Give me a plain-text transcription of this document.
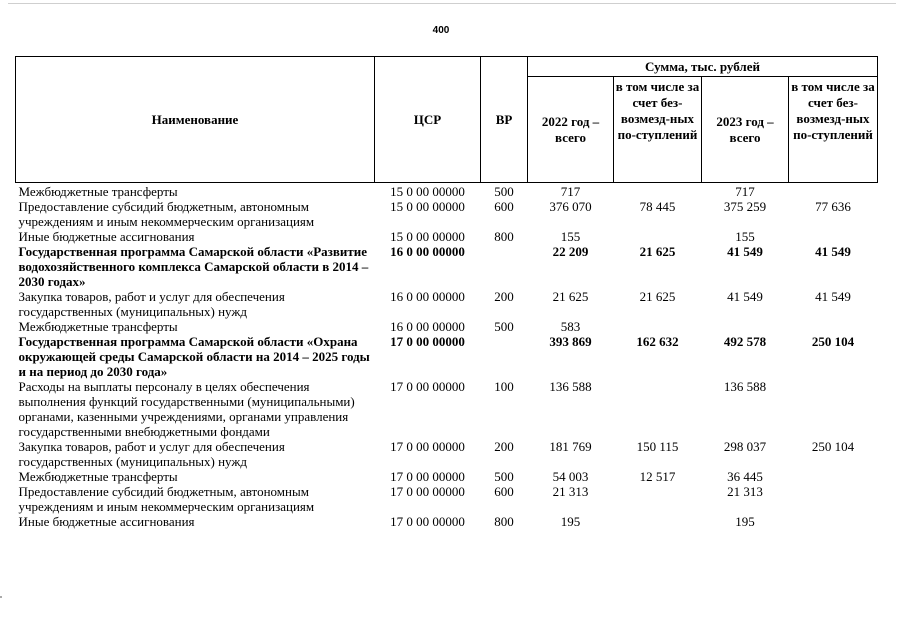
400
Наименование	ЦСР	ВР	Сумма, тыс. рублей			
			2022 год – всего	в том числе за счет без-возмезд-ных по-ступлений	2023 год – всего	в том числе за счет без-возмезд-ных по-ступлений
Межбюджетные трансферты	15 0 00 00000	500	717		717	
Предоставление субсидий бюджетным, автономным учреждениям и иным некоммерческим организациям	15 0 00 00000	600	376 070	78 445	375 259	77 636
Иные бюджетные ассигнования	15 0 00 00000	800	155		155	
Государственная программа Самарской области «Развитие водохозяйственного комплекса Самарской области в 2014 – 2030 годах»	16 0 00 00000		22 209	21 625	41 549	41 549
Закупка товаров, работ и услуг для обеспечения государственных (муниципальных) нужд	16 0 00 00000	200	21 625	21 625	41 549	41 549
Межбюджетные трансферты	16 0 00 00000	500	583			
Государственная программа Самарской области «Охрана окружающей среды Самарской области на 2014 – 2025 годы и на период до 2030 года»	17 0 00 00000		393 869	162 632	492 578	250 104
Расходы на выплаты персоналу в целях обеспечения выполнения функций государственными (муниципальными) органами, казенными учреждениями, органами управления государственными внебюджетными фондами	17 0 00 00000	100	136 588		136 588	
Закупка товаров, работ и услуг для обеспечения государственных (муниципальных) нужд	17 0 00 00000	200	181 769	150 115	298 037	250 104
Межбюджетные трансферты	17 0 00 00000	500	54 003	12 517	36 445	
Предоставление субсидий бюджетным, автономным учреждениям и иным некоммерческим организациям	17 0 00 00000	600	21 313		21 313	
Иные бюджетные ассигнования	17 0 00 00000	800	195		195	
